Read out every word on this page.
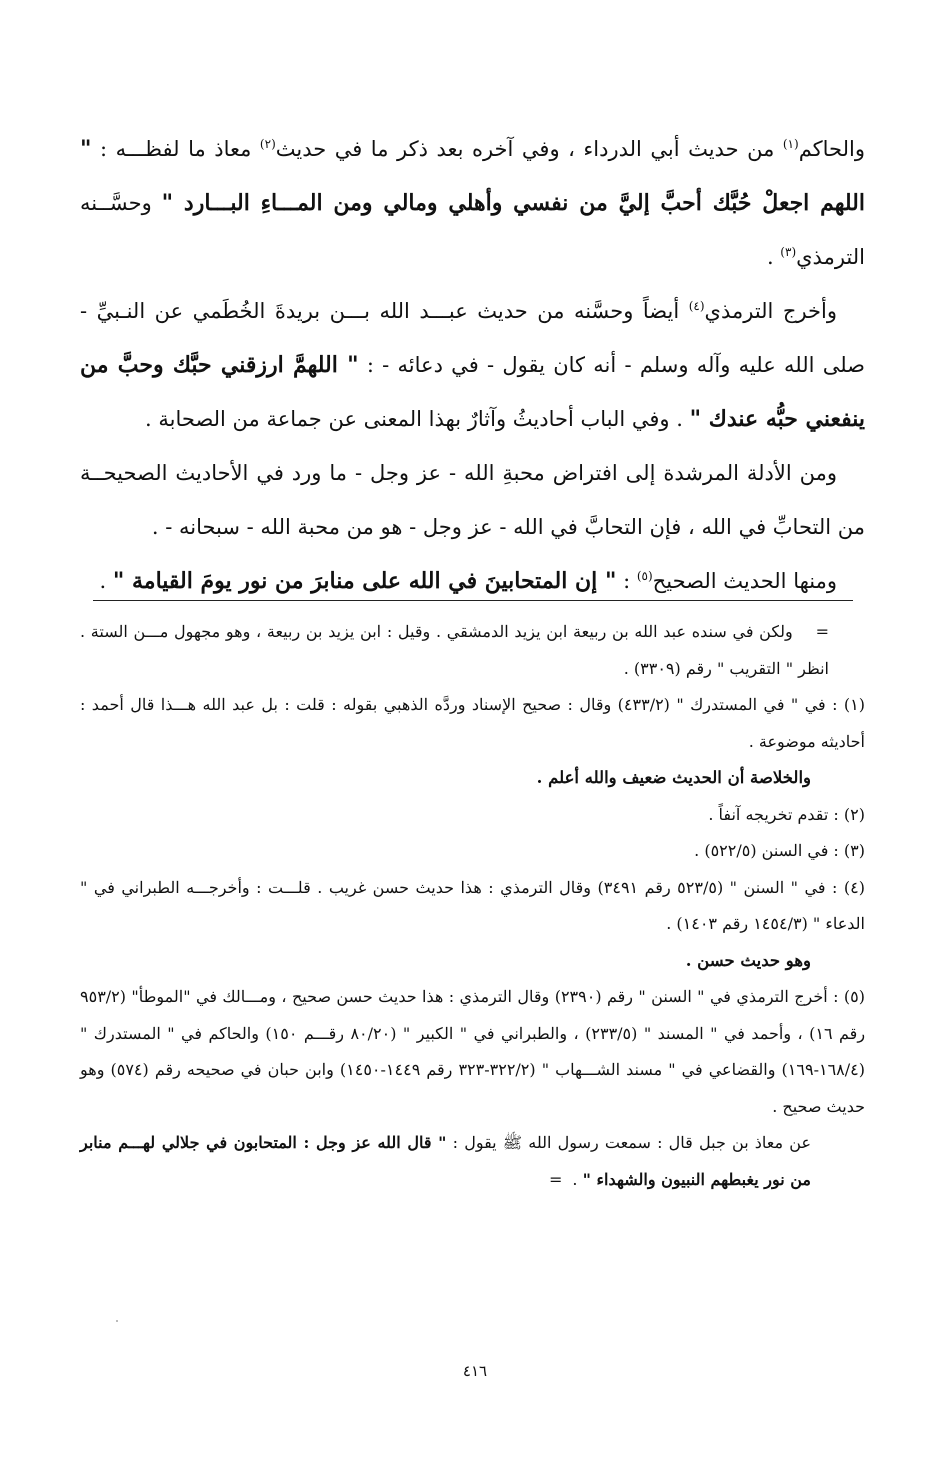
والحاكم$^{(١)}$ من حديث أبي الدرداء ، وفي آخره بعد ذكر ما في حديث$^{(٢)}$ معاذ ما لفظـــه : " اللهم اجعلْ حُبَّك أحبَّ إليَّ من نفسي وأهلي ومالي ومن المـــاءِ البـــارد " وحسَّــنه الترمذي$^{(٣)}$ .

وأخرج الترمذي$^{(٤)}$ أيضاً وحسَّنه من حديث عبـــد الله بـــن بريدةَ الخُطَمي عن النـبيِّ - صلى الله عليه وآله وسلم - أنه كان يقول - في دعائه - : " اللهمَّ ارزقني حبَّك وحبَّ من ينفعني حبُّه عندك " . وفي الباب أحاديثُ وآثارٌ بهذا المعنى عن جماعة من الصحابة .

ومن الأدلة المرشدة إلى افتراض محبةِ الله - عز وجل - ما ورد في الأحاديث الصحيحــة من التحابِّ في الله ، فإن التحابَّ في الله - عز وجل - هو من محبة الله - سبحانه - .

ومنها الحديث الصحيح$^{(٥)}$ : " إن المتحابينَ في الله على منابرَ من نور يومَ القيامة " .

=    ولكن في سنده عبد الله بن ربيعة ابن يزيد الدمشقي . وقيل : ابن يزيد بن ربيعة ، وهو مجهول مـــن الستة . انظر " التقريب " رقم (٣٣٠٩) .

(١) : في " في المستدرك " (٤٣٣/٢) وقال : صحيح الإسناد وردَّه الذهبي بقوله : قلت : بل عبد الله هـــذا قال أحمد : أحاديثه موضوعة .

والخلاصة أن الحديث ضعيف والله أعلم .

(٢) : تقدم تخريجه آنفاً .

(٣) : في السنن (٥٢٢/٥) .

(٤) : في " السنن " (٥٢٣/٥ رقم ٣٤٩١) وقال الترمذي : هذا حديث حسن غريب . قلـــت : وأخرجـــه الطبراني في " الدعاء " (١٤٥٤/٣ رقم ١٤٠٣) .

وهو حديث حسن .

(٥) : أخرج الترمذي في " السنن " رقم (٢٣٩٠) وقال الترمذي : هذا حديث حسن صحيح ، ومـــالك في "الموطأ" (٩٥٣/٢ رقم ١٦) ، وأحمد في " المسند " (٢٣٣/٥) ، والطبراني في " الكبير " (٨٠/٢٠ رقـــم ١٥٠) والحاكم في " المستدرك " (١٦٨/٤-١٦٩) والقضاعي في " مسند الشـــهاب " (٣٢٢/٢-٣٢٣ رقم ١٤٤٩-١٤٥٠) وابن حبان في صحيحه رقم (٥٧٤) وهو حديث صحيح .

عن معاذ بن جبل قال : سمعت رسول الله ﷺ يقول : " قال الله عز وجل : المتحابون في جلالي لهـــم منابر من نور يغبطهم النبيون والشهداء " .=

٤١٦
